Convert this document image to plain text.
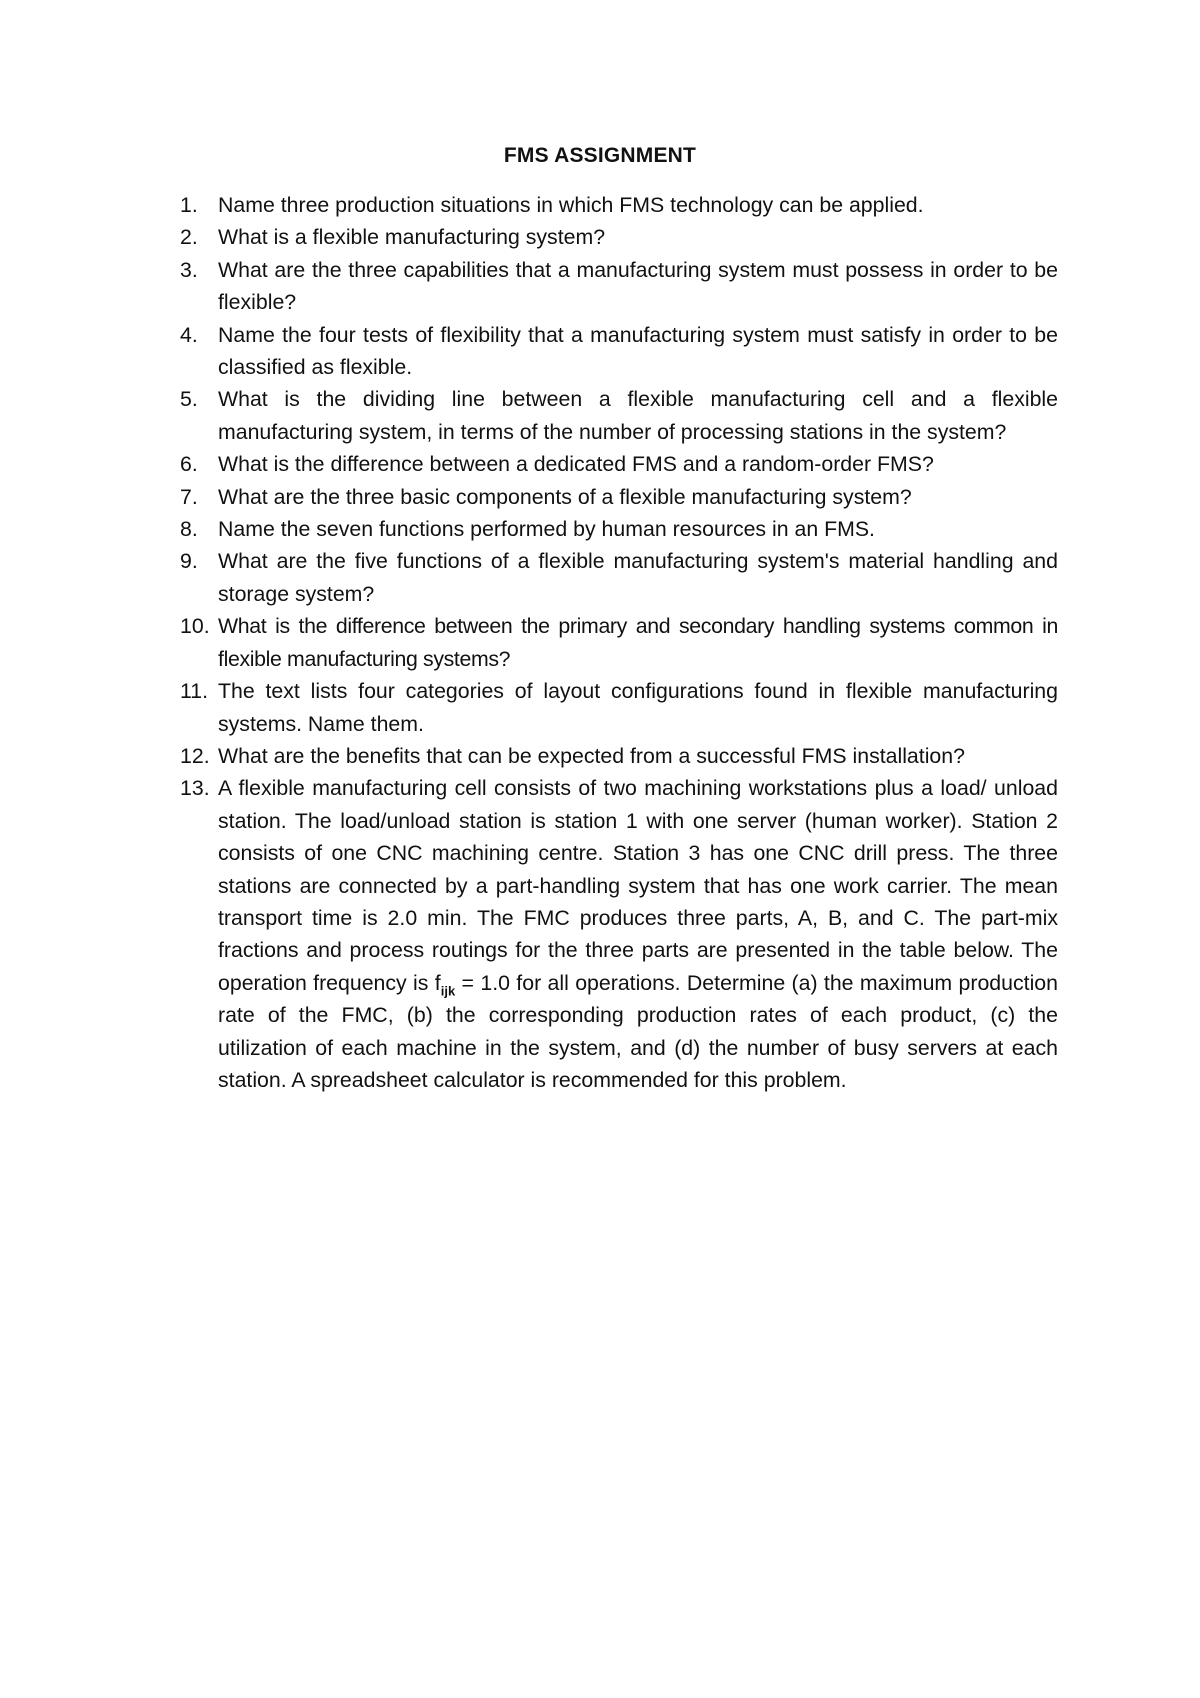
FMS ASSIGNMENT
1. Name three production situations in which FMS technology can be applied.
2. What is a flexible manufacturing system?
3. What are the three capabilities that a manufacturing system must possess in order to be flexible?
4. Name the four tests of flexibility that a manufacturing system must satisfy in order to be classified as flexible.
5. What is the dividing line between a flexible manufacturing cell and a flexible manufacturing system, in terms of the number of processing stations in the system?
6. What is the difference between a dedicated FMS and a random-order FMS?
7. What are the three basic components of a flexible manufacturing system?
8. Name the seven functions performed by human resources in an FMS.
9. What are the five functions of a flexible manufacturing system's material handling and storage system?
10. What is the difference between the primary and secondary handling systems common in flexible manufacturing systems?
11. The text lists four categories of layout configurations found in flexible manufacturing systems. Name them.
12. What are the benefits that can be expected from a successful FMS installation?
13. A flexible manufacturing cell consists of two machining workstations plus a load/ unload station. The load/unload station is station 1 with one server (human worker). Station 2 consists of one CNC machining centre. Station 3 has one CNC drill press. The three stations are connected by a part-handling system that has one work carrier. The mean transport time is 2.0 min. The FMC produces three parts, A, B, and C. The part-mix fractions and process routings for the three parts are presented in the table below. The operation frequency is $f_{ijk} = 1.0$ for all operations. Determine (a) the maximum production rate of the FMC, (b) the corresponding production rates of each product, (c) the utilization of each machine in the system, and (d) the number of busy servers at each station. A spreadsheet calculator is recommended for this problem.
